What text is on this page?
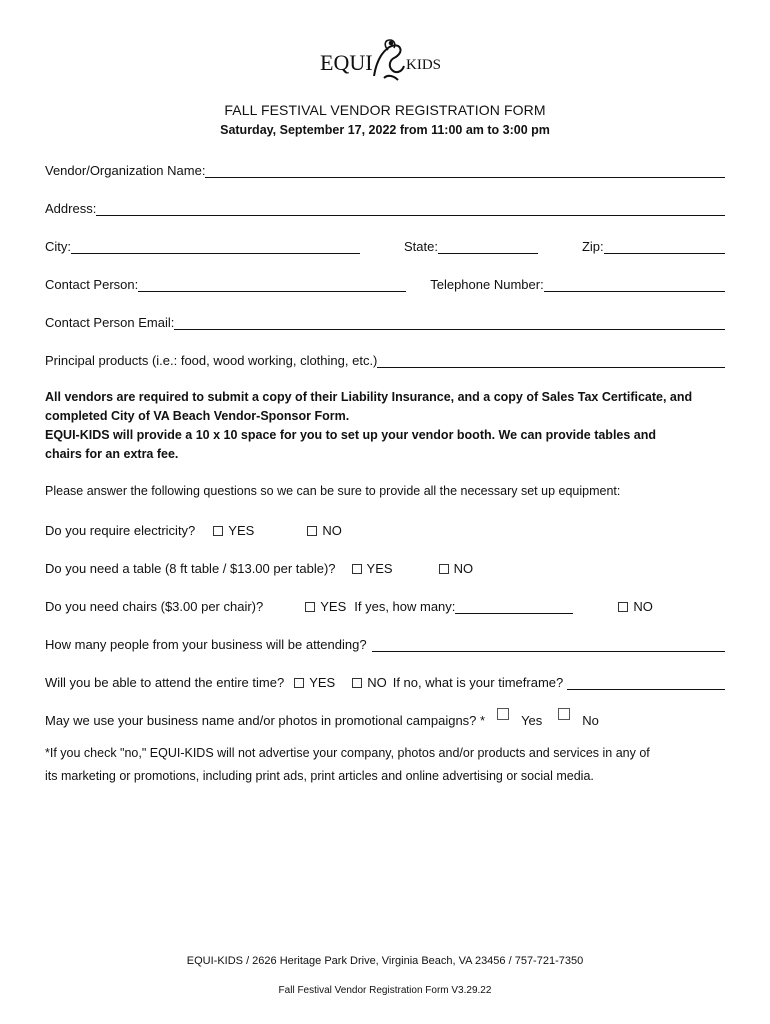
EQUI KIDS
FALL FESTIVAL VENDOR REGISTRATION FORM
Saturday, September 17, 2022 from 11:00 am to 3:00 pm
Vendor/Organization Name:
Address:
City:	State:	Zip:
Contact Person:	Telephone Number:
Contact Person Email:
Principal products (i.e.: food, wood working, clothing, etc.)
All vendors are required to submit a copy of their Liability Insurance, and a copy of Sales Tax Certificate, and
completed City of VA Beach Vendor-Sponsor Form.
EQUI-KIDS will provide a 10 x 10 space for you to set up your vendor booth. We can provide tables and
chairs for an extra fee.
Please answer the following questions so we can be sure to provide all the necessary set up equipment:
Do you require electricity?	YES	NO
Do you need a table (8 ft table / $13.00 per table)? YES	NO
Do you need chairs ($3.00 per chair)?	YES If yes, how many:	NO
How many people from your business will be attending?
Will you be able to attend the entire time? YES NO If no, what is your timeframe?
May we use your business name and/or photos in promotional campaigns? *	Yes	No
*If you check "no," EQUI-KIDS will not advertise your company, photos and/or products and services in any of
its marketing or promotions, including print ads, print articles and online advertising or social media.
EQUI-KIDS / 2626 Heritage Park Drive, Virginia Beach, VA 23456 / 757-721-7350
Fall Festival Vendor Registration Form V3.29.22
